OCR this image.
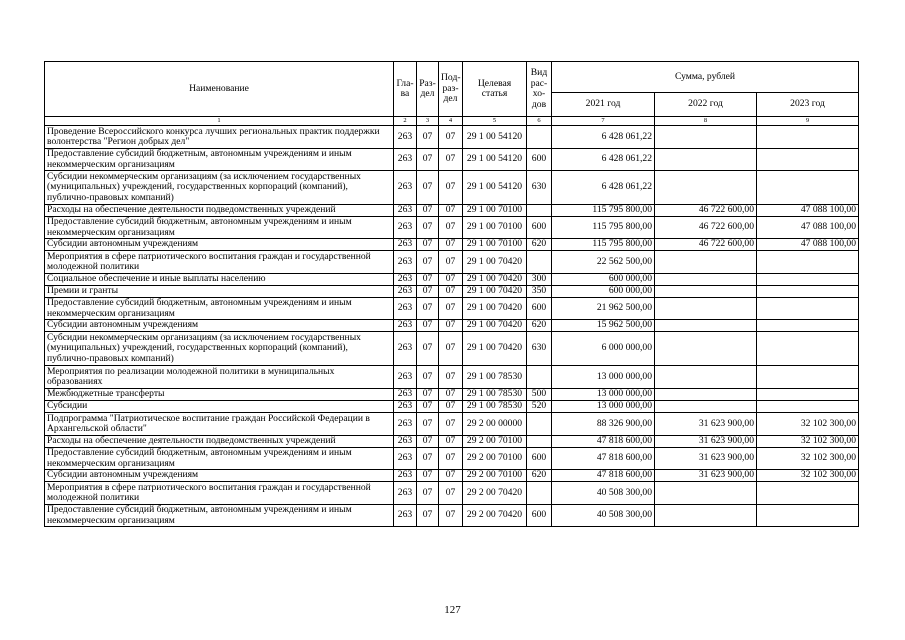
Наименование	Гла-ва	Раз-дел	Под-раз-дел	Целевая статья	Вид рас-хо-дов	Сумма, рублей		
						2021 год	2022 год	2023 год
1	2	3	4	5	6	7	8	9
Проведение Всероссийского конкурса лучших региональных практик поддержки волонтерства "Регион добрых дел"	263	07	07	29 1 00 54120		6 428 061,22		
Предоставление субсидий бюджетным, автономным учреждениям и иным некоммерческим организациям	263	07	07	29 1 00 54120	600	6 428 061,22		
Субсидии некоммерческим организациям (за исключением государственных (муниципальных) учреждений, государственных корпораций (компаний), публично-правовых компаний)	263	07	07	29 1 00 54120	630	6 428 061,22		
Расходы на обеспечение деятельности подведомственных учреждений	263	07	07	29 1 00 70100		115 795 800,00	46 722 600,00	47 088 100,00
Предоставление субсидий бюджетным, автономным учреждениям и иным некоммерческим организациям	263	07	07	29 1 00 70100	600	115 795 800,00	46 722 600,00	47 088 100,00
Субсидии автономным учреждениям	263	07	07	29 1 00 70100	620	115 795 800,00	46 722 600,00	47 088 100,00
Мероприятия в сфере патриотического воспитания граждан и государственной молодежной политики	263	07	07	29 1 00 70420		22 562 500,00		
Социальное обеспечение и иные выплаты населению	263	07	07	29 1 00 70420	300	600 000,00		
Премии и гранты	263	07	07	29 1 00 70420	350	600 000,00		
Предоставление субсидий бюджетным, автономным учреждениям и иным некоммерческим организациям	263	07	07	29 1 00 70420	600	21 962 500,00		
Субсидии автономным учреждениям	263	07	07	29 1 00 70420	620	15 962 500,00		
Субсидии некоммерческим организациям (за исключением государственных (муниципальных) учреждений, государственных корпораций (компаний), публично-правовых компаний)	263	07	07	29 1 00 70420	630	6 000 000,00		
Мероприятия по реализации молодежной политики в муниципальных образованиях	263	07	07	29 1 00 78530		13 000 000,00		
Межбюджетные трансферты	263	07	07	29 1 00 78530	500	13 000 000,00		
Субсидии	263	07	07	29 1 00 78530	520	13 000 000,00		
Подпрограмма "Патриотическое воспитание граждан Российской Федерации в Архангельской области"	263	07	07	29 2 00 00000		88 326 900,00	31 623 900,00	32 102 300,00
Расходы на обеспечение деятельности подведомственных учреждений	263	07	07	29 2 00 70100		47 818 600,00	31 623 900,00	32 102 300,00
Предоставление субсидий бюджетным, автономным учреждениям и иным некоммерческим организациям	263	07	07	29 2 00 70100	600	47 818 600,00	31 623 900,00	32 102 300,00
Субсидии автономным учреждениям	263	07	07	29 2 00 70100	620	47 818 600,00	31 623 900,00	32 102 300,00
Мероприятия в сфере патриотического воспитания граждан и государственной молодежной политики	263	07	07	29 2 00 70420		40 508 300,00		
Предоставление субсидий бюджетным, автономным учреждениям и иным некоммерческим организациям	263	07	07	29 2 00 70420	600	40 508 300,00		
127
